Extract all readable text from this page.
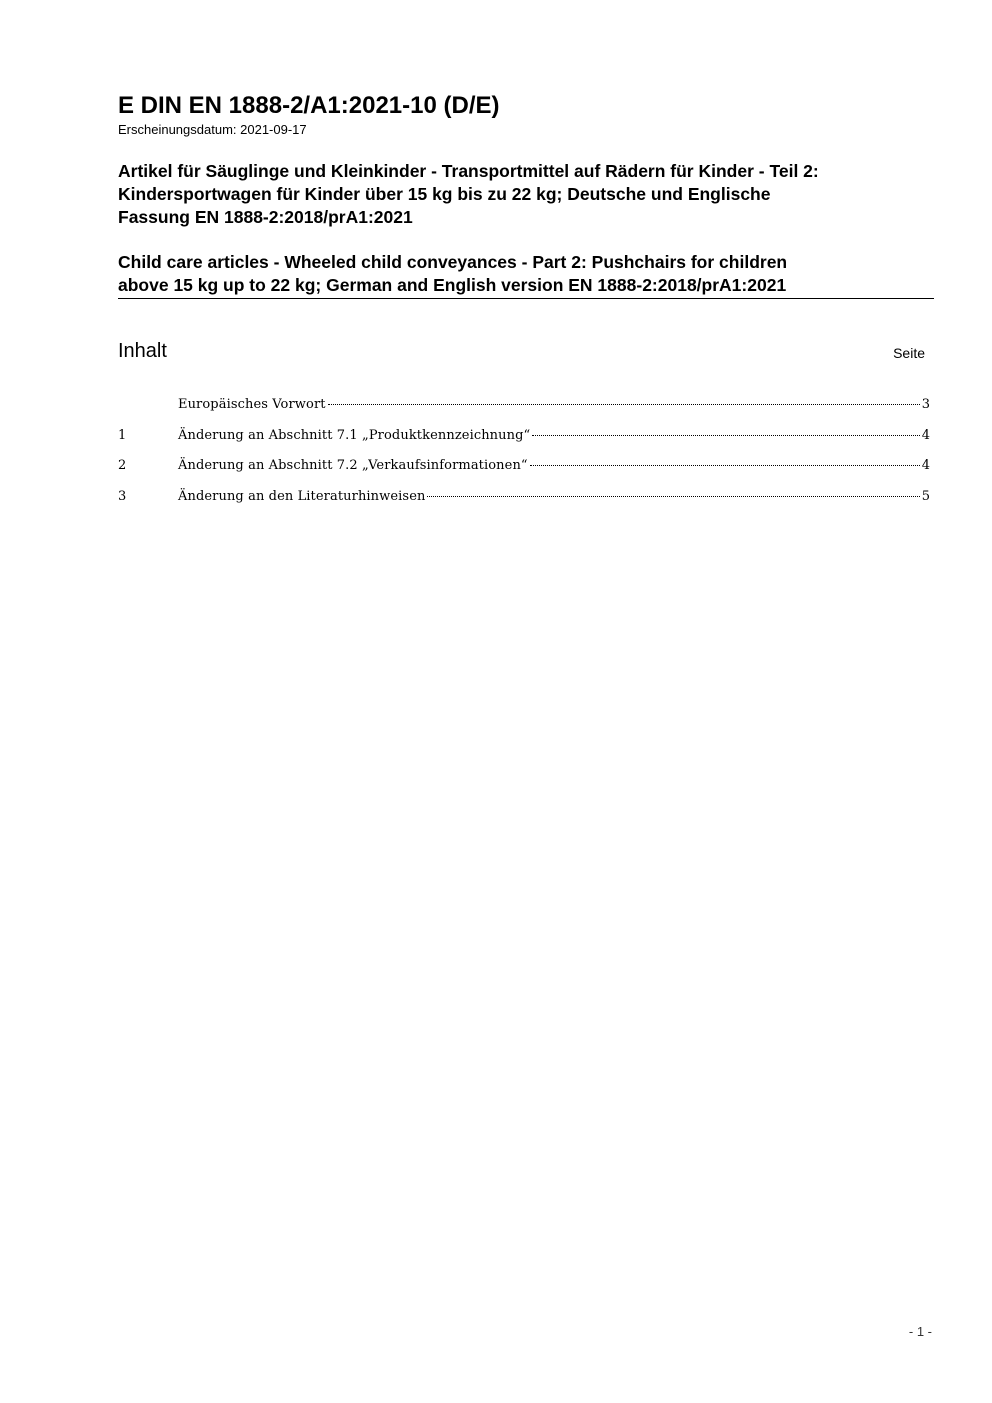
E DIN EN 1888-2/A1:2021-10 (D/E)
Erscheinungsdatum: 2021-09-17
Artikel für Säuglinge und Kleinkinder - Transportmittel auf Rädern für Kinder - Teil 2:
Kindersportwagen für Kinder über 15 kg bis zu 22 kg; Deutsche und Englische
Fassung EN 1888-2:2018/prA1:2021
Child care articles - Wheeled child conveyances - Part 2: Pushchairs for children
above 15 kg up to 22 kg; German and English version EN 1888-2:2018/prA1:2021
Inhalt	Seite
Europäisches Vorwort	3
1	Änderung an Abschnitt 7.1 „Produktkennzeichnung“	4
2	Änderung an Abschnitt 7.2 „Verkaufsinformationen“	4
3	Änderung an den Literaturhinweisen	5
- 1 -
